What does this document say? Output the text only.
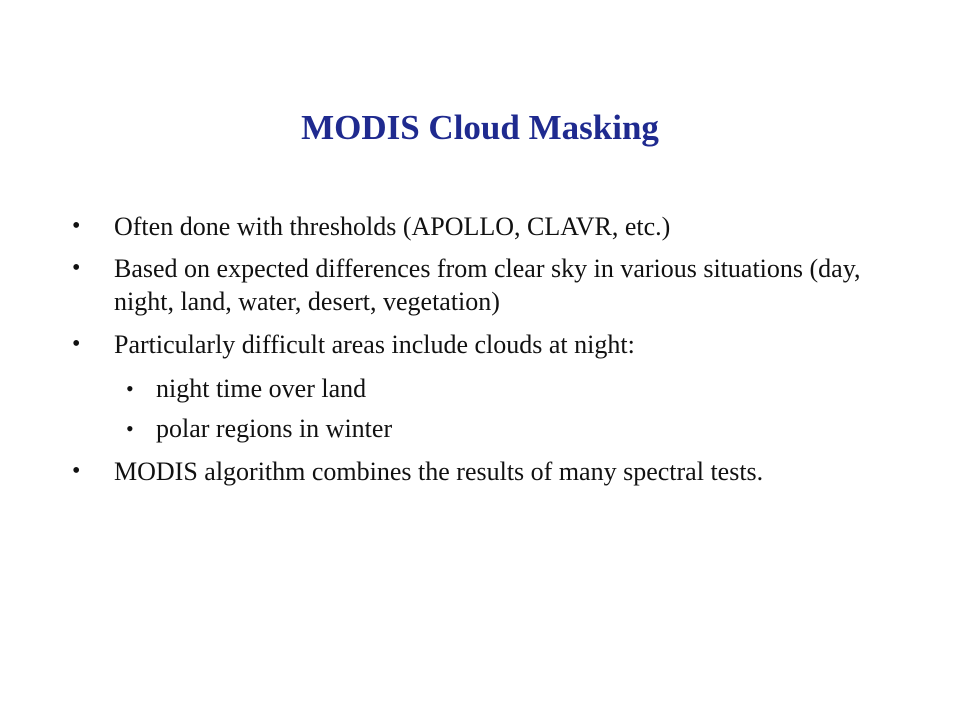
MODIS Cloud Masking
•	Often done with thresholds (APOLLO, CLAVR, etc.)
•	Based on expected differences from clear sky in various situations (day, night, land, water, desert, vegetation)
•	Particularly difficult areas include clouds at night:
• night time over land
• polar regions in winter
•	MODIS algorithm combines the results of many spectral tests.
